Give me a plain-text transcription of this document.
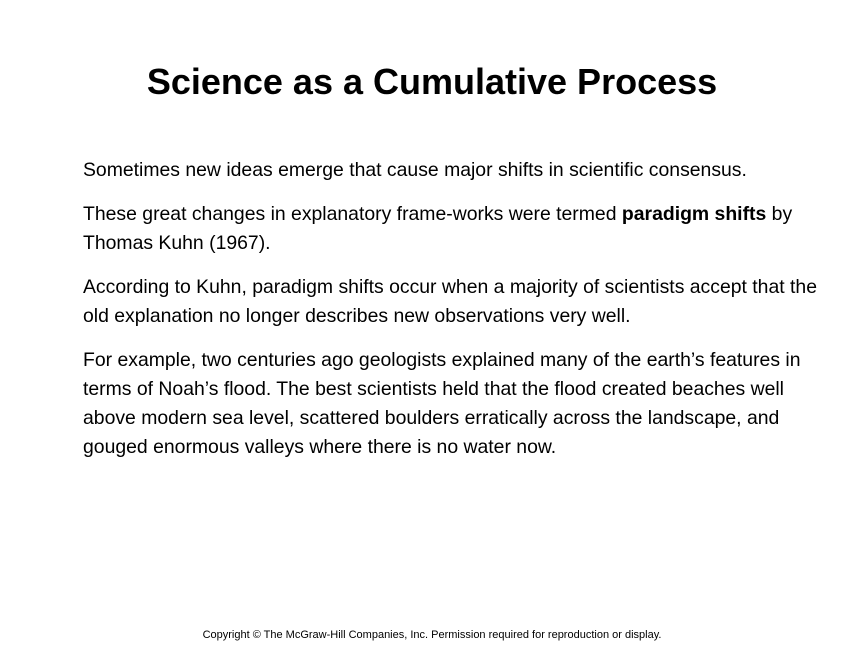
Science as a Cumulative Process

Sometimes new ideas emerge that cause major shifts in scientific consensus.

These great changes in explanatory frame-works were termed paradigm shifts by Thomas Kuhn (1967).

According to Kuhn, paradigm shifts occur when a majority of scientists accept that the old explanation no longer describes new observations very well.

For example, two centuries ago geologists explained many of the earth’s features in terms of Noah’s flood. The best scientists held that the flood created beaches well above modern sea level, scattered boulders erratically across the landscape, and gouged enormous valleys where there is no water now.

Copyright © The McGraw-Hill Companies, Inc. Permission required for reproduction or display.
